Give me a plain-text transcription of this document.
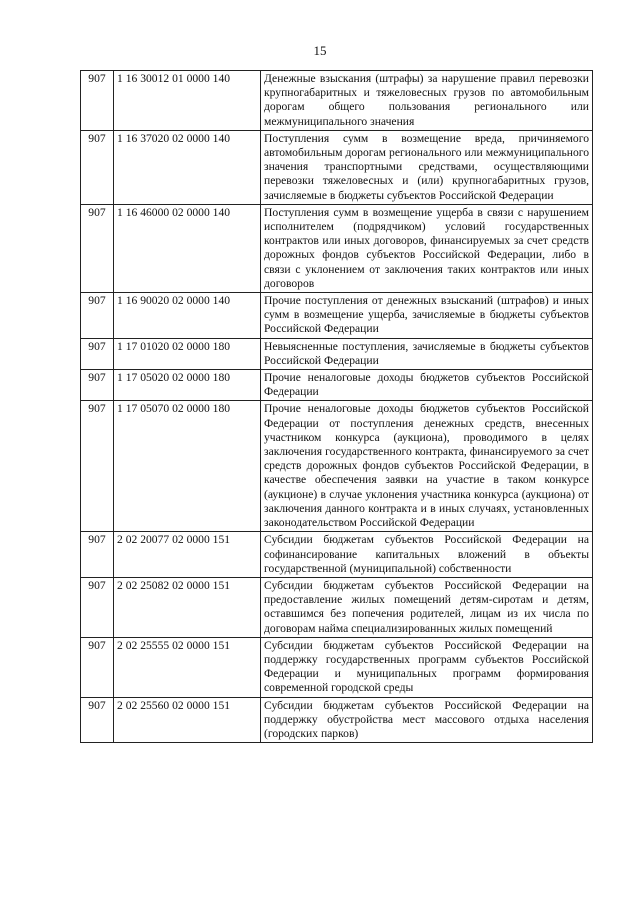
15
907	1 16 30012 01 0000 140	Денежные взыскания (штрафы) за нарушение правил перевозки крупногабаритных и тяжеловесных грузов по автомобильным дорогам общего пользования регионального или межмуниципального значения
907	1 16 37020 02 0000 140	Поступления сумм в возмещение вреда, причиняемого автомобильным дорогам регионального или межмуниципального значения транспортными средствами, осуществляющими перевозки тяжеловесных и (или) крупногабаритных грузов, зачисляемые в бюджеты субъектов Российской Федерации
907	1 16 46000 02 0000 140	Поступления сумм в возмещение ущерба в связи с нарушением исполнителем (подрядчиком) условий государственных контрактов или иных договоров, финансируемых за счет средств дорожных фондов субъектов Российской Федерации, либо в связи с уклонением от заключения таких контрактов или иных договоров
907	1 16 90020 02 0000 140	Прочие поступления от денежных взысканий (штрафов) и иных сумм в возмещение ущерба, зачисляемые в бюджеты субъектов Российской Федерации
907	1 17 01020 02 0000 180	Невыясненные поступления, зачисляемые в бюджеты субъектов Российской Федерации
907	1 17 05020 02 0000 180	Прочие неналоговые доходы бюджетов субъектов Российской Федерации
907	1 17 05070 02 0000 180	Прочие неналоговые доходы бюджетов субъектов Российской Федерации от поступления денежных средств, внесенных участником конкурса (аукциона), проводимого в целях заключения государственного контракта, финансируемого за счет средств дорожных фондов субъектов Российской Федерации, в качестве обеспечения заявки на участие в таком конкурсе (аукционе) в случае уклонения участника конкурса (аукциона) от заключения данного контракта и в иных случаях, установленных законодательством Российской Федерации
907	2 02 20077 02 0000 151	Субсидии бюджетам субъектов Российской Федерации на софинансирование капитальных вложений в объекты государственной (муниципальной) собственности
907	2 02 25082 02 0000 151	Субсидии бюджетам субъектов Российской Федерации на предоставление жилых помещений детям-сиротам и детям, оставшимся без попечения родителей, лицам из их числа по договорам найма специализированных жилых помещений
907	2 02 25555 02 0000 151	Субсидии бюджетам субъектов Российской Федерации на поддержку государственных программ субъектов Российской Федерации и муниципальных программ формирования современной городской среды
907	2 02 25560 02 0000 151	Субсидии бюджетам субъектов Российской Федерации на поддержку обустройства мест массового отдыха населения (городских парков)
